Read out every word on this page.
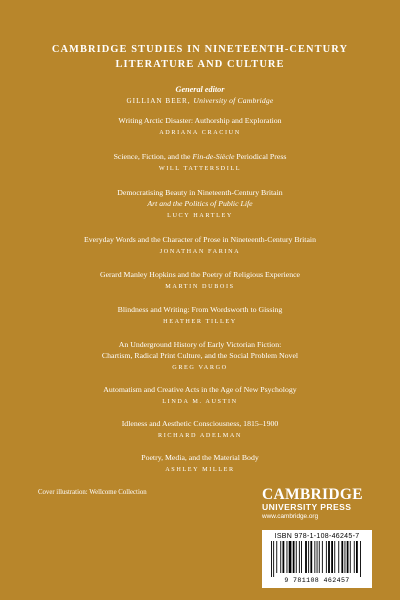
CAMBRIDGE STUDIES IN NINETEENTH-CENTURY
LITERATURE AND CULTURE
General editor
GILLIAN BEER, University of Cambridge
Writing Arctic Disaster: Authorship and Exploration
ADRIANA CRACIUN
Science, Fiction, and the Fin-de-Siècle Periodical Press
WILL TATTERSDILL
Democratising Beauty in Nineteenth-Century Britain
Art and the Politics of Public Life
LUCY HARTLEY
Everyday Words and the Character of Prose in Nineteenth-Century Britain
JONATHAN FARINA
Gerard Manley Hopkins and the Poetry of Religious Experience
MARTIN DUBOIS
Blindness and Writing: From Wordsworth to Gissing
HEATHER TILLEY
An Underground History of Early Victorian Fiction:
Chartism, Radical Print Culture, and the Social Problem Novel
GREG VARGO
Automatism and Creative Acts in the Age of New Psychology
LINDA M. AUSTIN
Idleness and Aesthetic Consciousness, 1815–1900
RICHARD ADELMAN
Poetry, Media, and the Material Body
ASHLEY MILLER
Cover illustration: Wellcome Collection	CAMBRIDGE
UNIVERSITY PRESS
www.cambridge.org
ISBN 978-1-108-46245-7
9 781108 462457
